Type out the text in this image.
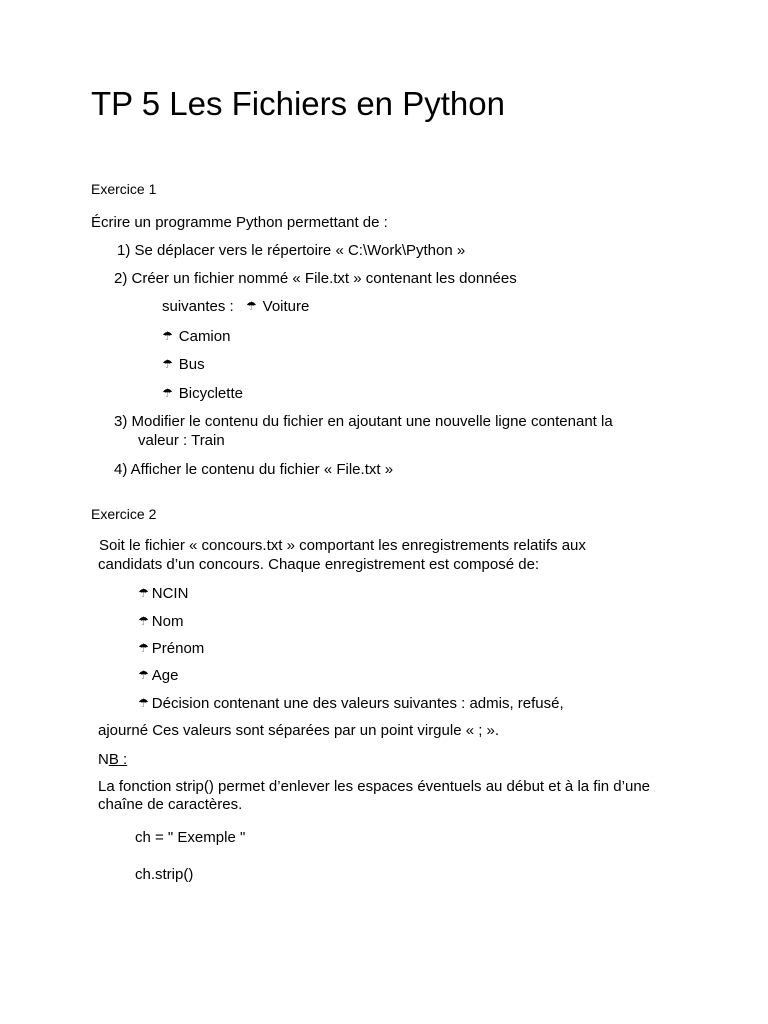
TP 5 Les Fichiers en Python
Exercice 1
Écrire un programme Python permettant de :
1) Se déplacer vers le répertoire « C:\Work\Python »
2) Créer un fichier nommé « File.txt » contenant les données
suivantes : ☂ Voiture
☂ Camion
☂ Bus
☂ Bicyclette
3) Modifier le contenu du fichier en ajoutant une nouvelle ligne contenant la
valeur : Train
4) Afficher le contenu du fichier « File.txt »
Exercice 2
Soit le fichier « concours.txt » comportant les enregistrements relatifs aux
candidats d’un concours. Chaque enregistrement est composé de:
☂ NCIN
☂ Nom
☂ Prénom
☂ Age
☂ Décision contenant une des valeurs suivantes : admis, refusé,
ajourné Ces valeurs sont séparées par un point virgule « ; ».
NB :
La fonction strip() permet d’enlever les espaces éventuels au début et à la fin d’une
chaîne de caractères.
ch = " Exemple "
ch.strip()
